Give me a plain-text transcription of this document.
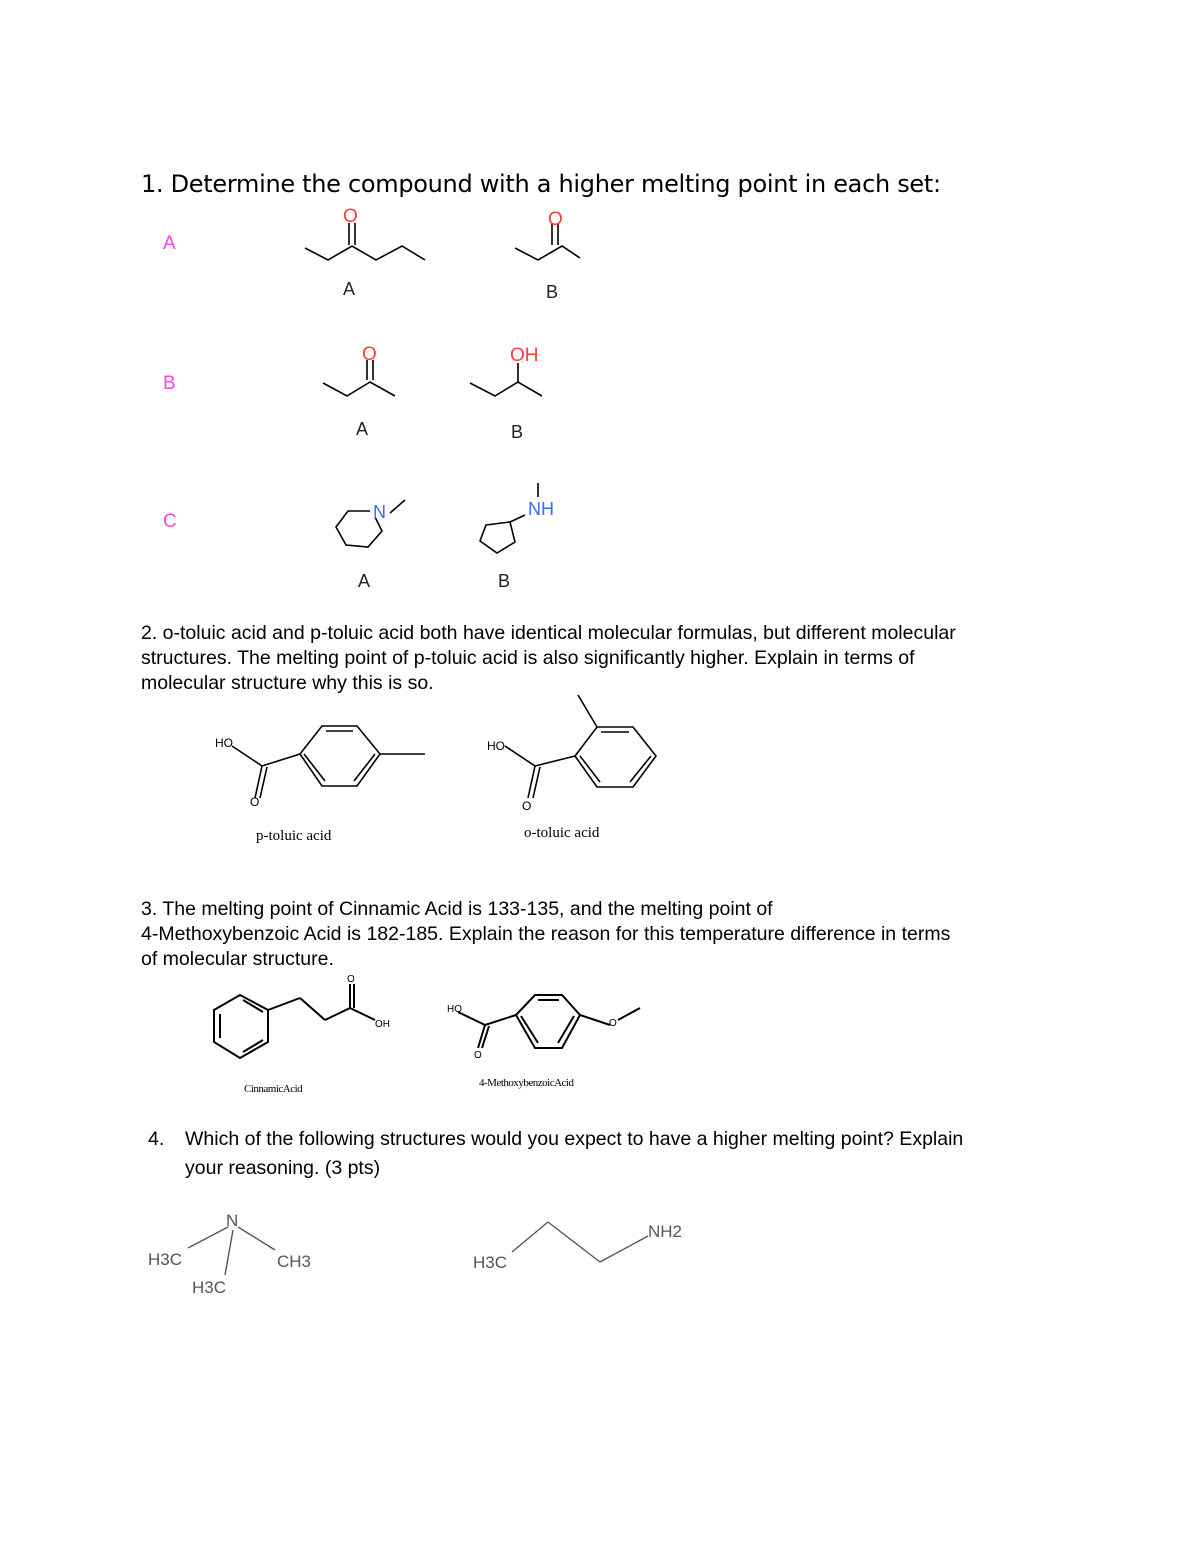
1. Determine the compound with a higher melting point in each set:
A
B
C
O	O
A	B
O	OH
A	B
N	NH
A	B
2. o-toluic acid and p-toluic acid both have identical molecular formulas, but different molecular
structures. The melting point of p-toluic acid is also significantly higher. Explain in terms of
molecular structure why this is so.
HO
O
HO
O
p-toluic acid	o-toluic acid
3. The melting point of Cinnamic Acid is 133-135, and the melting point of
4-Methoxybenzoic Acid is 182-185. Explain the reason for this temperature difference in terms
of molecular structure.
O
OH
HO
O
O
CinnamicAcid	4-MethoxybenzoicAcid
4. Which of the following structures would you expect to have a higher melting point? Explain
your reasoning. (3 pts)
N
H3C	CH3
H3C
H3C
NH2
